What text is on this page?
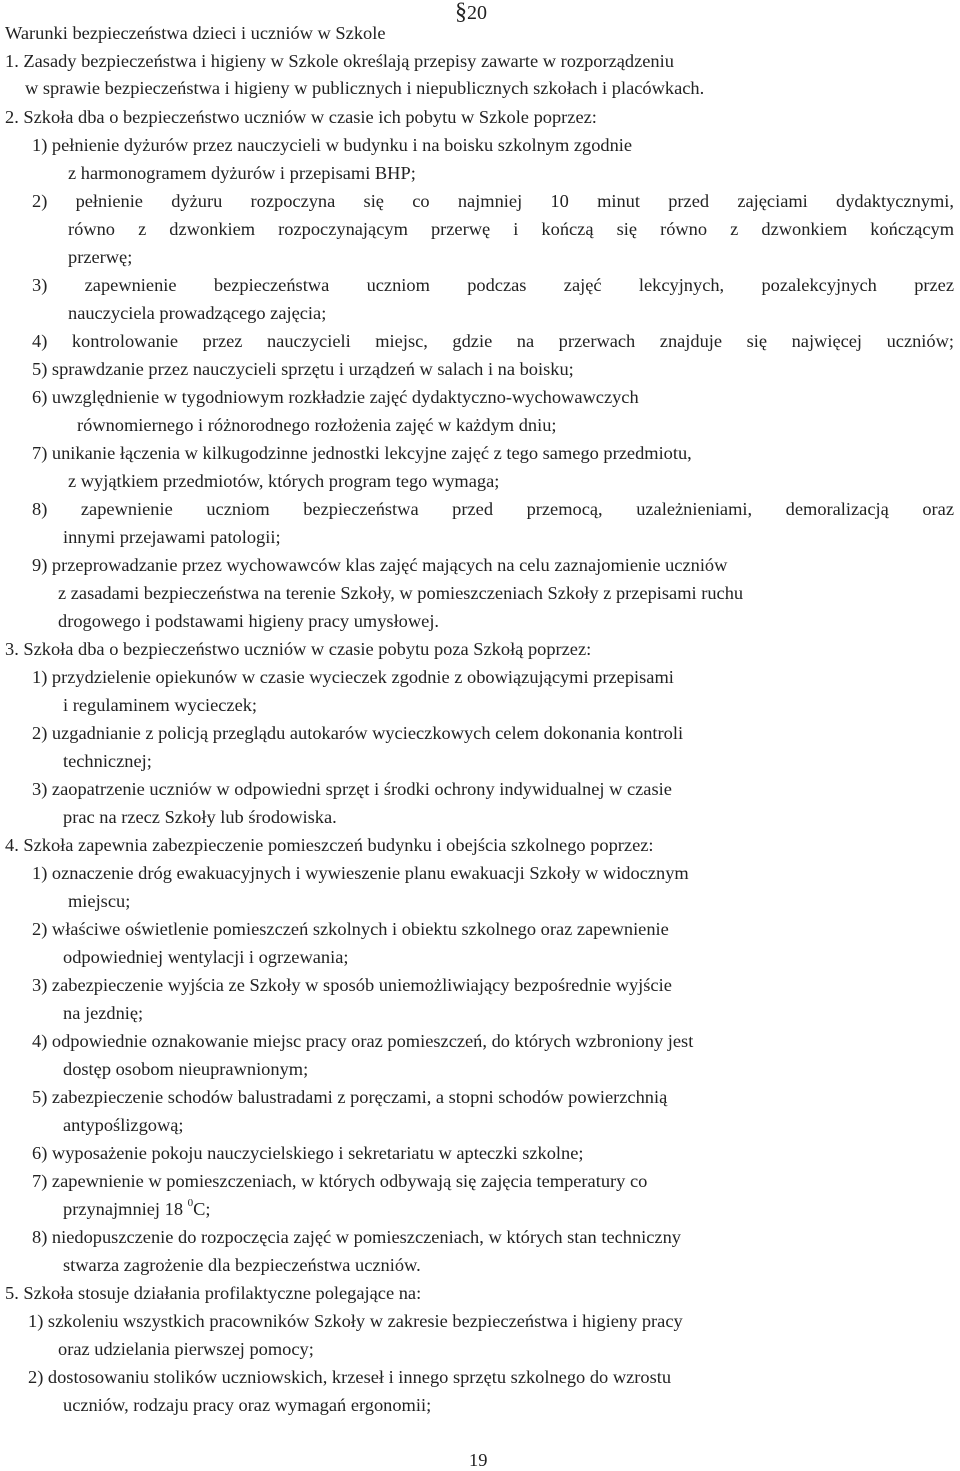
§20
Warunki bezpieczeństwa dzieci i uczniów w Szkole
1. Zasady bezpieczeństwa i higieny w Szkole określają przepisy zawarte w rozporządzeniu
w sprawie bezpieczeństwa i higieny w publicznych i niepublicznych szkołach i placówkach.
2. Szkoła dba o bezpieczeństwo uczniów w czasie ich pobytu w Szkole poprzez:
1) pełnienie dyżurów przez nauczycieli w budynku i na boisku szkolnym zgodnie
z harmonogramem dyżurów i przepisami BHP;
2) pełnienie dyżuru rozpoczyna się co najmniej 10 minut przed zajęciami dydaktycznymi,
równo z dzwonkiem rozpoczynającym przerwę i kończą się równo z dzwonkiem kończącym
przerwę;
3) zapewnienie bezpieczeństwa uczniom podczas zajęć lekcyjnych, pozalekcyjnych przez
nauczyciela prowadzącego zajęcia;
4) kontrolowanie przez nauczycieli miejsc, gdzie na przerwach znajduje się najwięcej uczniów;
5) sprawdzanie przez nauczycieli sprzętu i urządzeń w salach i na boisku;
6) uwzględnienie w tygodniowym rozkładzie zajęć dydaktyczno-wychowawczych
równomiernego i różnorodnego rozłożenia zajęć w każdym dniu;
7) unikanie łączenia w kilkugodzinne jednostki lekcyjne zajęć z tego samego przedmiotu,
z wyjątkiem przedmiotów, których program tego wymaga;
8) zapewnienie uczniom bezpieczeństwa przed przemocą, uzależnieniami, demoralizacją oraz
innymi przejawami patologii;
9) przeprowadzanie przez wychowawców klas zajęć mających na celu zaznajomienie uczniów
z zasadami bezpieczeństwa na terenie Szkoły, w pomieszczeniach Szkoły z przepisami ruchu
drogowego i podstawami higieny pracy umysłowej.
3. Szkoła dba o bezpieczeństwo uczniów w czasie pobytu poza Szkołą poprzez:
1) przydzielenie opiekunów w czasie wycieczek zgodnie z obowiązującymi przepisami
i regulaminem wycieczek;
2) uzgadnianie z policją przeglądu autokarów wycieczkowych celem dokonania kontroli
technicznej;
3) zaopatrzenie uczniów w odpowiedni sprzęt i środki ochrony indywidualnej w czasie
prac na rzecz Szkoły lub środowiska.
4. Szkoła zapewnia zabezpieczenie pomieszczeń budynku i obejścia szkolnego poprzez:
1) oznaczenie dróg ewakuacyjnych i wywieszenie planu ewakuacji Szkoły w widocznym
miejscu;
2) właściwe oświetlenie pomieszczeń szkolnych i obiektu szkolnego oraz zapewnienie
odpowiedniej wentylacji i ogrzewania;
3) zabezpieczenie wyjścia ze Szkoły w sposób uniemożliwiający bezpośrednie wyjście
na jezdnię;
4) odpowiednie oznakowanie miejsc pracy oraz pomieszczeń, do których wzbroniony jest
dostęp osobom nieuprawnionym;
5) zabezpieczenie schodów balustradami z poręczami, a stopni schodów powierzchnią
antypoślizgową;
6) wyposażenie pokoju nauczycielskiego i sekretariatu w apteczki szkolne;
7) zapewnienie w pomieszczeniach, w których odbywają się zajęcia temperatury co
przynajmniej 18 $^0$C;
8) niedopuszczenie do rozpoczęcia zajęć w pomieszczeniach, w których stan techniczny
stwarza zagrożenie dla bezpieczeństwa uczniów.
5. Szkoła stosuje działania profilaktyczne polegające na:
1) szkoleniu wszystkich pracowników Szkoły w zakresie bezpieczeństwa i higieny pracy
oraz udzielania pierwszej pomocy;
2) dostosowaniu stolików uczniowskich, krzeseł i innego sprzętu szkolnego do wzrostu
uczniów, rodzaju pracy oraz wymagań ergonomii;
19
